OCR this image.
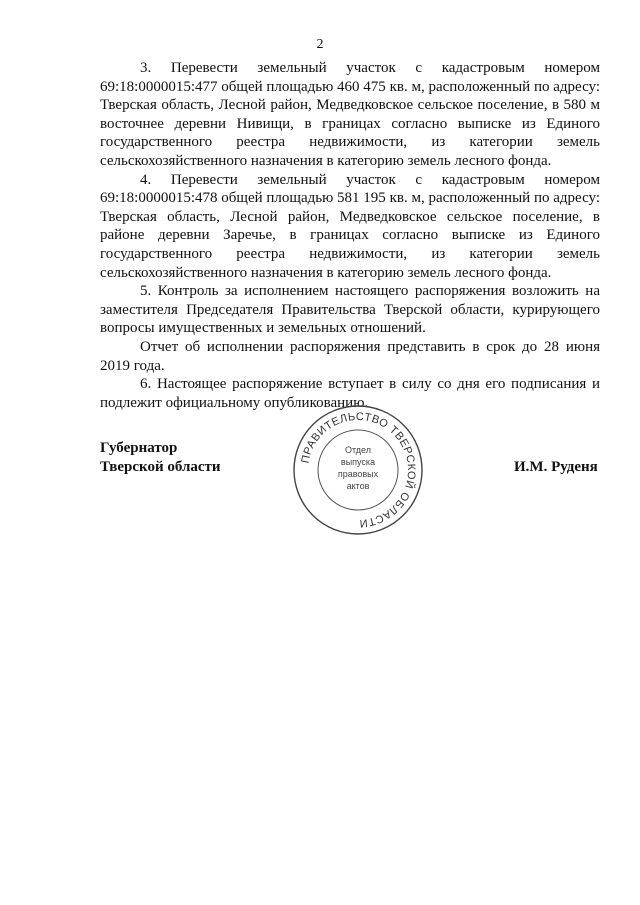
2

3. Перевести земельный участок с кадастровым номером 69:18:0000015:477 общей площадью 460 475 кв. м, расположенный по адресу: Тверская область, Лесной район, Медведковское сельское поселение, в 580 м восточнее деревни Нивищи, в границах согласно выписке из Единого государственного реестра недвижимости, из категории земель сельскохозяйственного назначения в категорию земель лесного фонда.

4. Перевести земельный участок с кадастровым номером 69:18:0000015:478 общей площадью 581 195 кв. м, расположенный по адресу: Тверская область, Лесной район, Медведковское сельское поселение, в районе деревни Заречье, в границах согласно выписке из Единого государственного реестра недвижимости, из категории земель сельскохозяйственного назначения в категорию земель лесного фонда.

5. Контроль за исполнением настоящего распоряжения возложить на заместителя Председателя Правительства Тверской области, курирующего вопросы имущественных и земельных отношений.

Отчет об исполнении распоряжения представить в срок до 28 июня 2019 года.

6. Настоящее распоряжение вступает в силу со дня его подписания и подлежит официальному опубликованию.

Губернатор
Тверской области	ПРАВИТЕЛЬСТВО ТВЕРСКОЙ ОБЛАСТИ
Отдел
выпуска
правовых
актов
И.М. Руденя
